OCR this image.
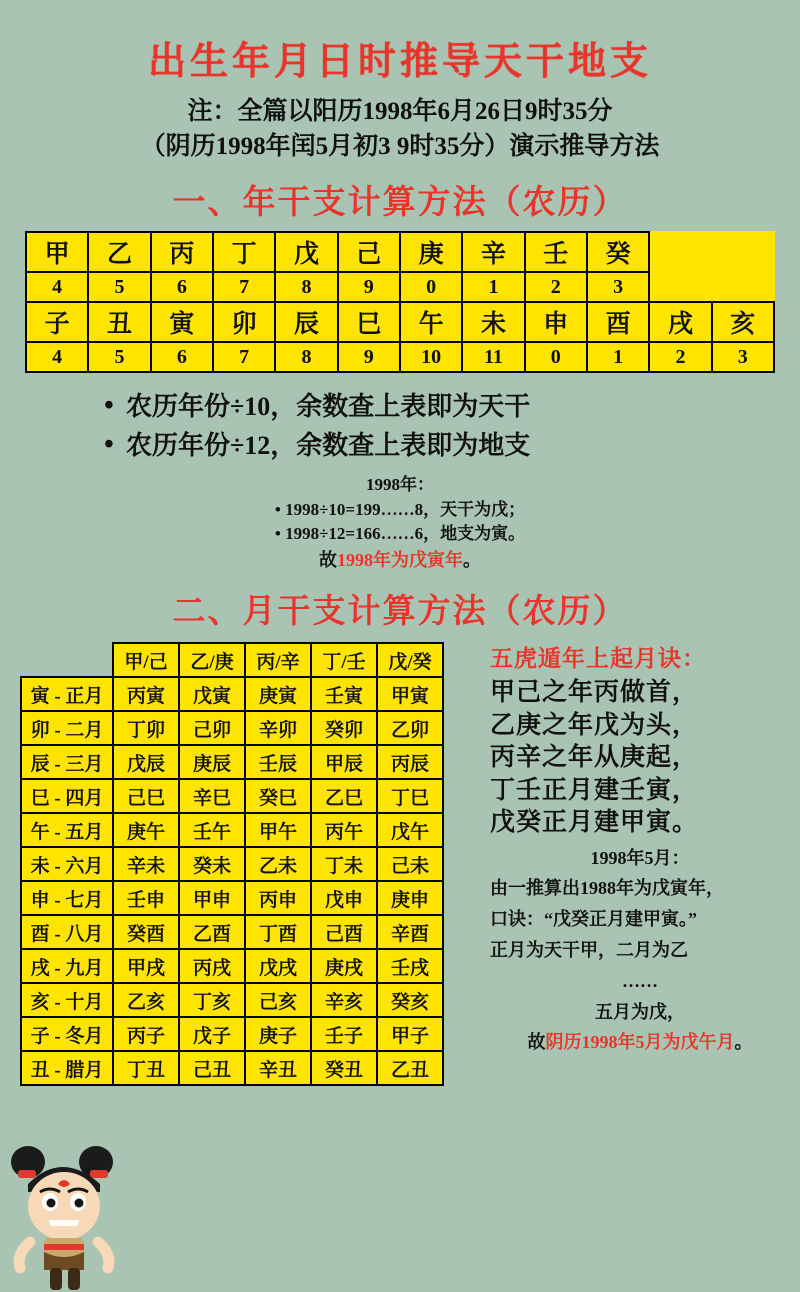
出生年月日时推导天干地支
注：全篇以阳历1998年6月26日9时35分
（阴历1998年闰5月初3 9时35分）演示推导方法
一、年干支计算方法（农历）
甲	乙	丙	丁	戊	己	庚	辛	壬	癸		
4	5	6	7	8	9	0	1	2	3		
子	丑	寅	卯	辰	巳	午	未	申	酉	戌	亥
4	5	6	7	8	9	10	11	0	1	2	3
• 农历年份÷10，余数查上表即为天干
• 农历年份÷12，余数查上表即为地支
1998年：
• 1998÷10=199……8，天干为戊；
• 1998÷12=166……6，地支为寅。
故1998年为戊寅年。
二、月干支计算方法（农历）
	甲/己	乙/庚	丙/辛	丁/壬	戊/癸
寅 - 正月	丙寅	戊寅	庚寅	壬寅	甲寅
卯 - 二月	丁卯	己卯	辛卯	癸卯	乙卯
辰 - 三月	戊辰	庚辰	壬辰	甲辰	丙辰
巳 - 四月	己巳	辛巳	癸巳	乙巳	丁巳
午 - 五月	庚午	壬午	甲午	丙午	戊午
未 - 六月	辛未	癸未	乙未	丁未	己未
申 - 七月	壬申	甲申	丙申	戊申	庚申
酉 - 八月	癸酉	乙酉	丁酉	己酉	辛酉
戌 - 九月	甲戌	丙戌	戊戌	庚戌	壬戌
亥 - 十月	乙亥	丁亥	己亥	辛亥	癸亥
子 - 冬月	丙子	戊子	庚子	壬子	甲子
丑 - 腊月	丁丑	己丑	辛丑	癸丑	乙丑
五虎遁年上起月诀：
甲己之年丙做首，
乙庚之年戊为头，
丙辛之年从庚起，
丁壬正月建壬寅，
戊癸正月建甲寅。
1998年5月：
由一推算出1988年为戊寅年，
口诀：“戊癸正月建甲寅。”
正月为天干甲，二月为乙
……
五月为戊，
故阴历1998年5月为戊午月。
